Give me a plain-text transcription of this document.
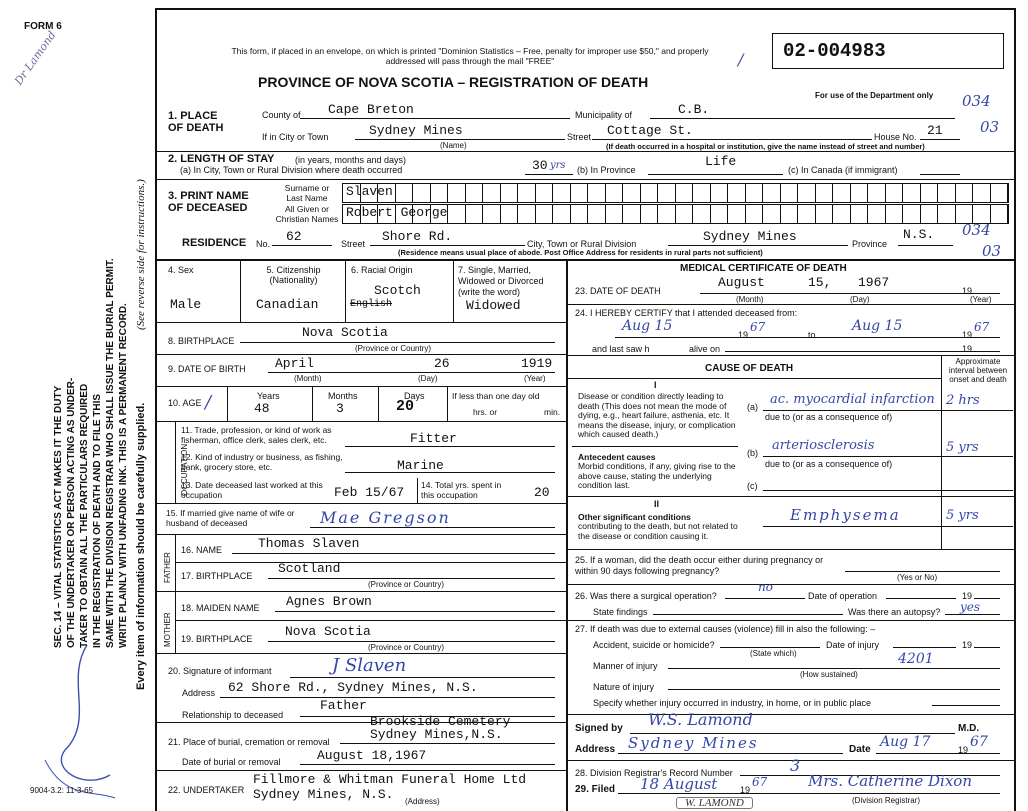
FORM 6
Dr Lamond
SEC. 14 – VITAL STATISTICS ACT MAKES IT THE DUTY OF THE UNDERTAKER OR PERSON ACTING AS UNDER- TAKER TO OBTAIN ALL THE PARTICULARS REQUIRED IN THE REGISTRATION OF DEATH AND TO FILE THIS SAME WITH THE DIVISION REGISTRAR WHO SHALL ISSUE THE BURIAL PERMIT. WRITE PLAINLY WITH UNFADING INK. THIS IS A PERMANENT RECORD.
(See reverse side for instructions.)
Every item of information should be carefully supplied.
This form, if placed in an envelope, on which is printed "Dominion Statistics – Free, penalty for improper use $50," and properly addressed will pass through the mail "FREE"
PROVINCE OF NOVA SCOTIA – REGISTRATION OF DEATH
02-004983
/
For use of the Department only 034
03
1. PLACE OF DEATH
County of Cape Breton	Municipality of	C.B.
If in City or Town	Sydney Mines
(Name)
Street Cottage St.	House No. 21
(If death occurred in a hospital or institution, give the name instead of street and number)
2. LENGTH OF STAY (in years, months and days)
(a) In City, Town or Rural Division where death occurred	30 yrs (b) In Province
Life
(c) In Canada (if immigrant)
3. PRINT NAME OF DECEASED
Surname or Last Name
All Given or Christian Names
Slaven
Robert George
RESIDENCE No. 62	Street Shore Rd.	City, Town or Rural Division	Sydney Mines	Province
N.S. 034
03
(Residence means usual place of abode. Post Office Address for residents in rural parts not sufficient)
4. Sex
Male
5. Citizenship (Nationality)
Canadian
6. Racial Origin
Scotch
English
7. Single, Married, Widowed or Divorced (write the word)
Widowed
8. BIRTHPLACE
Nova Scotia
(Province or Country)
9. DATE OF BIRTH April	26	1919
(Month)	(Day)	(Year)
10. AGE /	Years	Months	Days
48	3	20
If less than one day old
hrs. or	min.
OCCUPATION
11. Trade, profession, or kind of work as fisherman, office clerk, sales clerk, etc.	Fitter
12. Kind of industry or business, as fishing, bank, grocery store, etc.	Marine
13. Date deceased last worked at this occupation	Feb 15/67 14. Total yrs. spent in this occupation	20
15. If married give name of wife or husband of deceased	Mae Gregson
FATHER
16. NAME	Thomas Slaven
17. BIRTHPLACE Scotland
(Province or Country)
MOTHER
18. MAIDEN NAME Agnes Brown
19. BIRTHPLACE	Nova Scotia
(Province or Country)
20. Signature of informant	J Slaven
Address 62 Shore Rd., Sydney Mines, N.S.
Relationship to deceased
Father
21. Place of burial, cremation or removal
Brookside Cemetery
Sydney Mines,N.S.
Date of burial or removal	August 18,1967
22. UNDERTAKER
Fillmore & Whitman Funeral Home Ltd
Sydney Mines, N.S. (Address)
9004-3.2: 11-3-65
MEDICAL CERTIFICATE OF DEATH
23. DATE OF DEATH
August	15, 1967
19
(Month)	(Day)	(Year)
24. I HEREBY CERTIFY that I attended deceased from:
Aug 15
19
67
to
Aug 15
19
67
and last saw h	alive on	19
CAUSE OF DEATH
Approximate interval between onset and death
I
Disease or condition directly leading to death (This does not mean the mode of dying, e.g., heart failure, asthenia, etc. It means the disease, injury, or complication which caused death.)
(a) ac. myocardial infarction 2 hrs
due to (or as a consequence of)
Antecedent causes
Morbid conditions, if any, giving rise to the above cause, stating the underlying condition last.
(b) arteriosclerosis	5 yrs
due to (or as a consequence of)
(c)
II
Other significant conditions
contributing to the death, but not related to the disease or condition causing it.
Emphysema	5 yrs
25. If a woman, did the death occur either during pregnancy or within 90 days following pregnancy?
(Yes or No)
26. Was there a surgical operation?
no
Date of operation	19
State findings	Was there an autopsy? yes
27. If death was due to external causes (violence) fill in also the following: –
Accident, suicide or homicide?	Date of injury	19
(State which)
Manner of injury	4201
(How sustained)
Nature of injury
Specify whether injury occurred in industry, in home, or in public place
Signed by W.S. Lamond	M.D.
Address Sydney Mines	Date Aug 17	19 67
28. Division Registrar's Record Number	3
29. Filed 18 August	19
67	Mrs. Catherine Dixon
(Division Registrar)
W. LAMOND
